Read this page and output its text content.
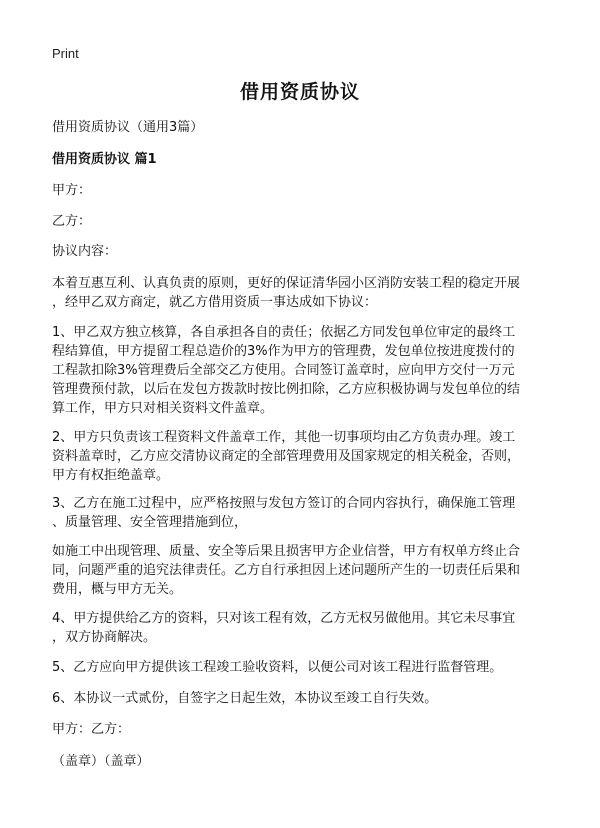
Print
借用资质协议

借用资质协议（通用3篇）

借用资质协议 篇1

甲方：

乙方：

协议内容：

本着互惠互利、认真负责的原则，更好的保证清华园小区消防安装工程的稳定开展
，经甲乙双方商定，就乙方借用资质一事达成如下协议：

1、甲乙双方独立核算，各自承担各自的责任；依据乙方同发包单位审定的最终工
程结算值，甲方提留工程总造价的3%作为甲方的管理费，发包单位按进度拨付的
工程款扣除3%管理费后全部交乙方使用。合同签订盖章时，应向甲方交付一万元
管理费预付款，以后在发包方拨款时按比例扣除，乙方应积极协调与发包单位的结
算工作，甲方只对相关资料文件盖章。

2、甲方只负责该工程资料文件盖章工作，其他一切事项均由乙方负责办理。竣工
资料盖章时，乙方应交清协议商定的全部管理费用及国家规定的相关税金，否则，
甲方有权拒绝盖章。

3、乙方在施工过程中，应严格按照与发包方签订的合同内容执行，确保施工管理
、质量管理、安全管理措施到位，

如施工中出现管理、质量、安全等后果且损害甲方企业信誉，甲方有权单方终止合
同，问题严重的追究法律责任。乙方自行承担因上述问题所产生的一切责任后果和
费用，概与甲方无关。

4、甲方提供给乙方的资料，只对该工程有效，乙方无权另做他用。其它未尽事宜
，双方协商解决。

5、乙方应向甲方提供该工程竣工验收资料，以便公司对该工程进行监督管理。

6、本协议一式贰份，自签字之日起生效，本协议至竣工自行失效。

甲方：乙方：

（盖章）（盖章）
